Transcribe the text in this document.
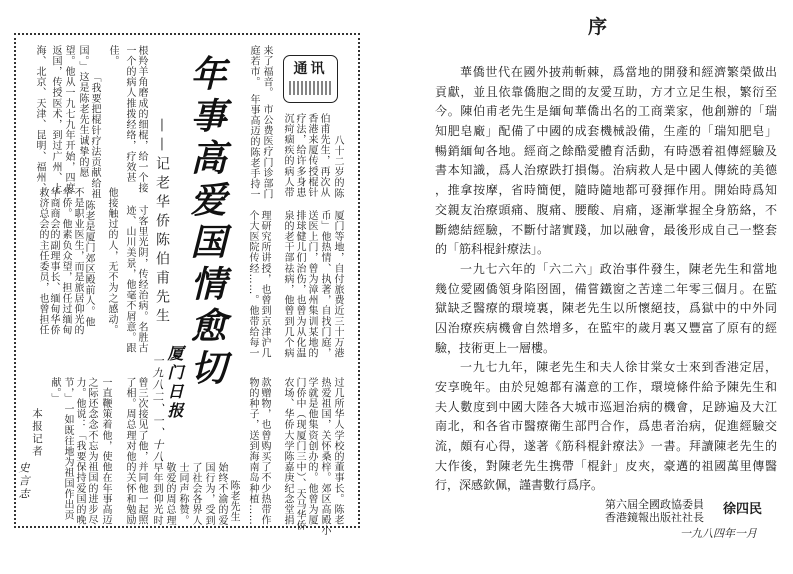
通讯
年事高爱国情愈切
——记老华侨陈伯甫先生
厦门日报
一九八二、一、十八
本报记者
史言志
八十二岁的陈
伯甫先生，再次从
香港来厦传授棍针
疗法，给许多身患
沉疴痼疾的病人带
来了福音。
市公费医疗门诊部门
庭若市。
年事高迈的陈老手持一
根羚羊角磨成的细棍，给一个接
一个的病人推拨经络，疗效甚
佳。
「我要把棍针疗法贡献给祖
国。」这是陈老先生诚挚的愿
望。他从一九七九年开始，四度
返国，传授医术，到过广州、上
海、北京、天津、昆明、福州、
厦门等地，自付旅费近三十万港
币」他热情、执著，自找门庭，
送医上门，曾为漳州集训某地的
排球健儿们治伤，也曾为从化温
泉的老干部祛病，他曾到几个病
理研究所讲授，也曾到京津沪几
个大医院传经……。他带给每一
过几所华人学校的董事长。陈老
热爱祖国，关怀桑梓。郊区高殿小
学就是他集资创办的。他曾为厦
门侨中（现厦门三中）、天马华侨
农场、华侨大学陈嘉庚纪念堂捐
款赠物，也曾购买了不少热带作
物的种子，送到海南岛种植……
寸客里光阴，传经治病。名胜古
迹、山川美景，他毫不屑意。跟
他接触过的人，无不为之感动。
陈老是厦门郊区殿前人。他
不是职业医生，而是旅居仰光的
华侨。他素负众望，担任过缅甸
华商商会的副理事长、缅甸华侨
救济总会的主任委员，也曾担任
曾三次接见了他，并同他一起照
了相。周总理对他的关怀和勉励
一直鞭策着他，使他在年事高迈
之际还念念不忘为祖国的进步尽
力。他说：「我要保持爱国的晚
节，」一如既往地为祖国作出贡
献。」
陈老先生
始终不渝的爱
国行为，受到
了社会各界人
士同声称赞。
敬爱的周总理
早年到仰光时
序
華僑世代在國外披荊斬棘，爲當地的開發和經濟繁榮做出
貢獻，並且依靠僑胞之間的友愛互助，方才立足生根，繁衍至
今。陳伯甫老先生是緬甸華僑出名的工商業家，他創辦的「瑞
知肥皂廠」配備了中國的成套機械設備，生產的「瑞知肥皂」
暢銷緬甸各地。經商之餘酷愛體育活動，有時憑着祖傳經驗及
書本知識，爲人治療跌打損傷。治病救人是中國人傳統的美德
，推拿按摩，省時簡便，隨時隨地都可發揮作用。開始時爲知
交親友治療頭痛、腹痛、腰酸、肩痛，逐漸掌握全身筋絡，不
斷總結經驗，不斷付諸實踐，加以融會，最後形成自己一整套
的「筋科棍針療法」。
一九七六年的「六二六」政治事件發生，陳老先生和當地
幾位愛國僑領身陷囹圄，備嘗鐵窗之苦達二年零三個月。在監
獄缺乏醫療的環境裏，陳老先生以所懷絕技，爲獄中的中外同
囚治療疾病機會自然增多，在監牢的歲月裏又豐富了原有的經
驗，技術更上一層樓。
一九七九年，陳老先生和夫人徐甘棠女士來到香港定居，
安享晚年。由於兒媳都有滿意的工作，環境條件給予陳先生和
夫人數度到中國大陸各大城市巡迴治病的機會，足跡遍及大江
南北，和各省市醫療衛生部門合作，爲患者治病，促進經驗交
流，頗有心得，遂著《筋科棍針療法》一書。拜讀陳老先生的
大作後，對陳老先生携帶「棍針」皮夾，豪邁的祖國萬里傳醫
行，深感欽佩，謹書數行爲序。
第六屆全國政協委員
香港鏡報出版社社長
徐四民
一九八四年一月
